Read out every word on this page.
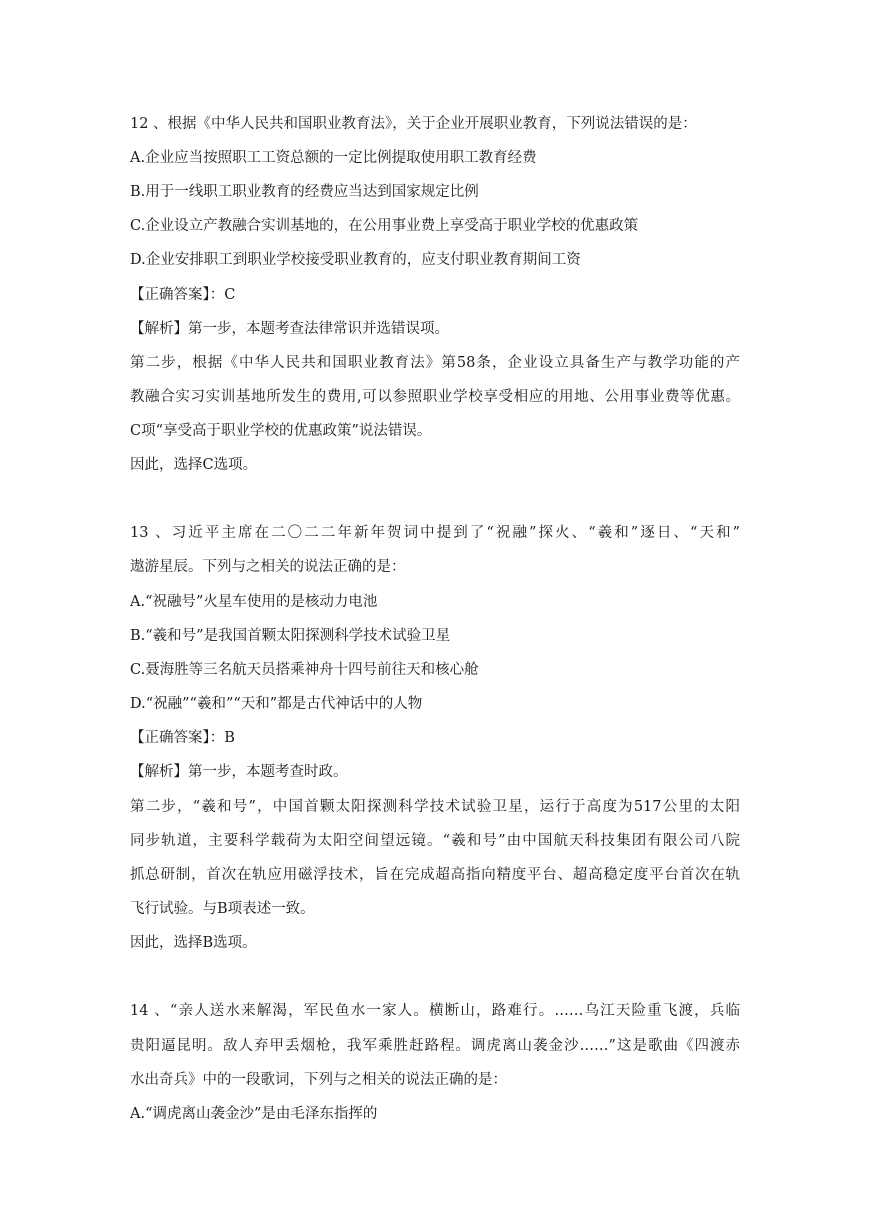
12 、根据《中华人民共和国职业教育法》，关于企业开展职业教育，下列说法错误的是：
A.企业应当按照职工工资总额的一定比例提取使用职工教育经费
B.用于一线职工职业教育的经费应当达到国家规定比例
C.企业设立产教融合实训基地的，在公用事业费上享受高于职业学校的优惠政策
D.企业安排职工到职业学校接受职业教育的，应支付职业教育期间工资
【正确答案】：C
【解析】第一步，本题考查法律常识并选错误项。
第二步，根据《中华人民共和国职业教育法》第58条，企业设立具备生产与教学功能的产
教融合实习实训基地所发生的费用,可以参照职业学校享受相应的用地、公用事业费等优惠。
C项“享受高于职业学校的优惠政策”说法错误。
因此，选择C选项。
13 、习近平主席在二〇二二年新年贺词中提到了“祝融”探火、“羲和”逐日、“天和”
遨游星辰。下列与之相关的说法正确的是：
A.“祝融号”火星车使用的是核动力电池
B.“羲和号”是我国首颗太阳探测科学技术试验卫星
C.聂海胜等三名航天员搭乘神舟十四号前往天和核心舱
D.“祝融”“羲和”“天和”都是古代神话中的人物
【正确答案】：B
【解析】第一步，本题考查时政。
第二步，“羲和号”，中国首颗太阳探测科学技术试验卫星，运行于高度为517公里的太阳
同步轨道，主要科学载荷为太阳空间望远镜。“羲和号”由中国航天科技集团有限公司八院
抓总研制，首次在轨应用磁浮技术，旨在完成超高指向精度平台、超高稳定度平台首次在轨
飞行试验。与B项表述一致。
因此，选择B选项。
14 、“亲人送水来解渴，军民鱼水一家人。横断山，路难行。……乌江天险重飞渡，兵临
贵阳逼昆明。敌人弃甲丢烟枪，我军乘胜赶路程。调虎离山袭金沙……”这是歌曲《四渡赤
水出奇兵》中的一段歌词，下列与之相关的说法正确的是：
A.“调虎离山袭金沙”是由毛泽东指挥的
